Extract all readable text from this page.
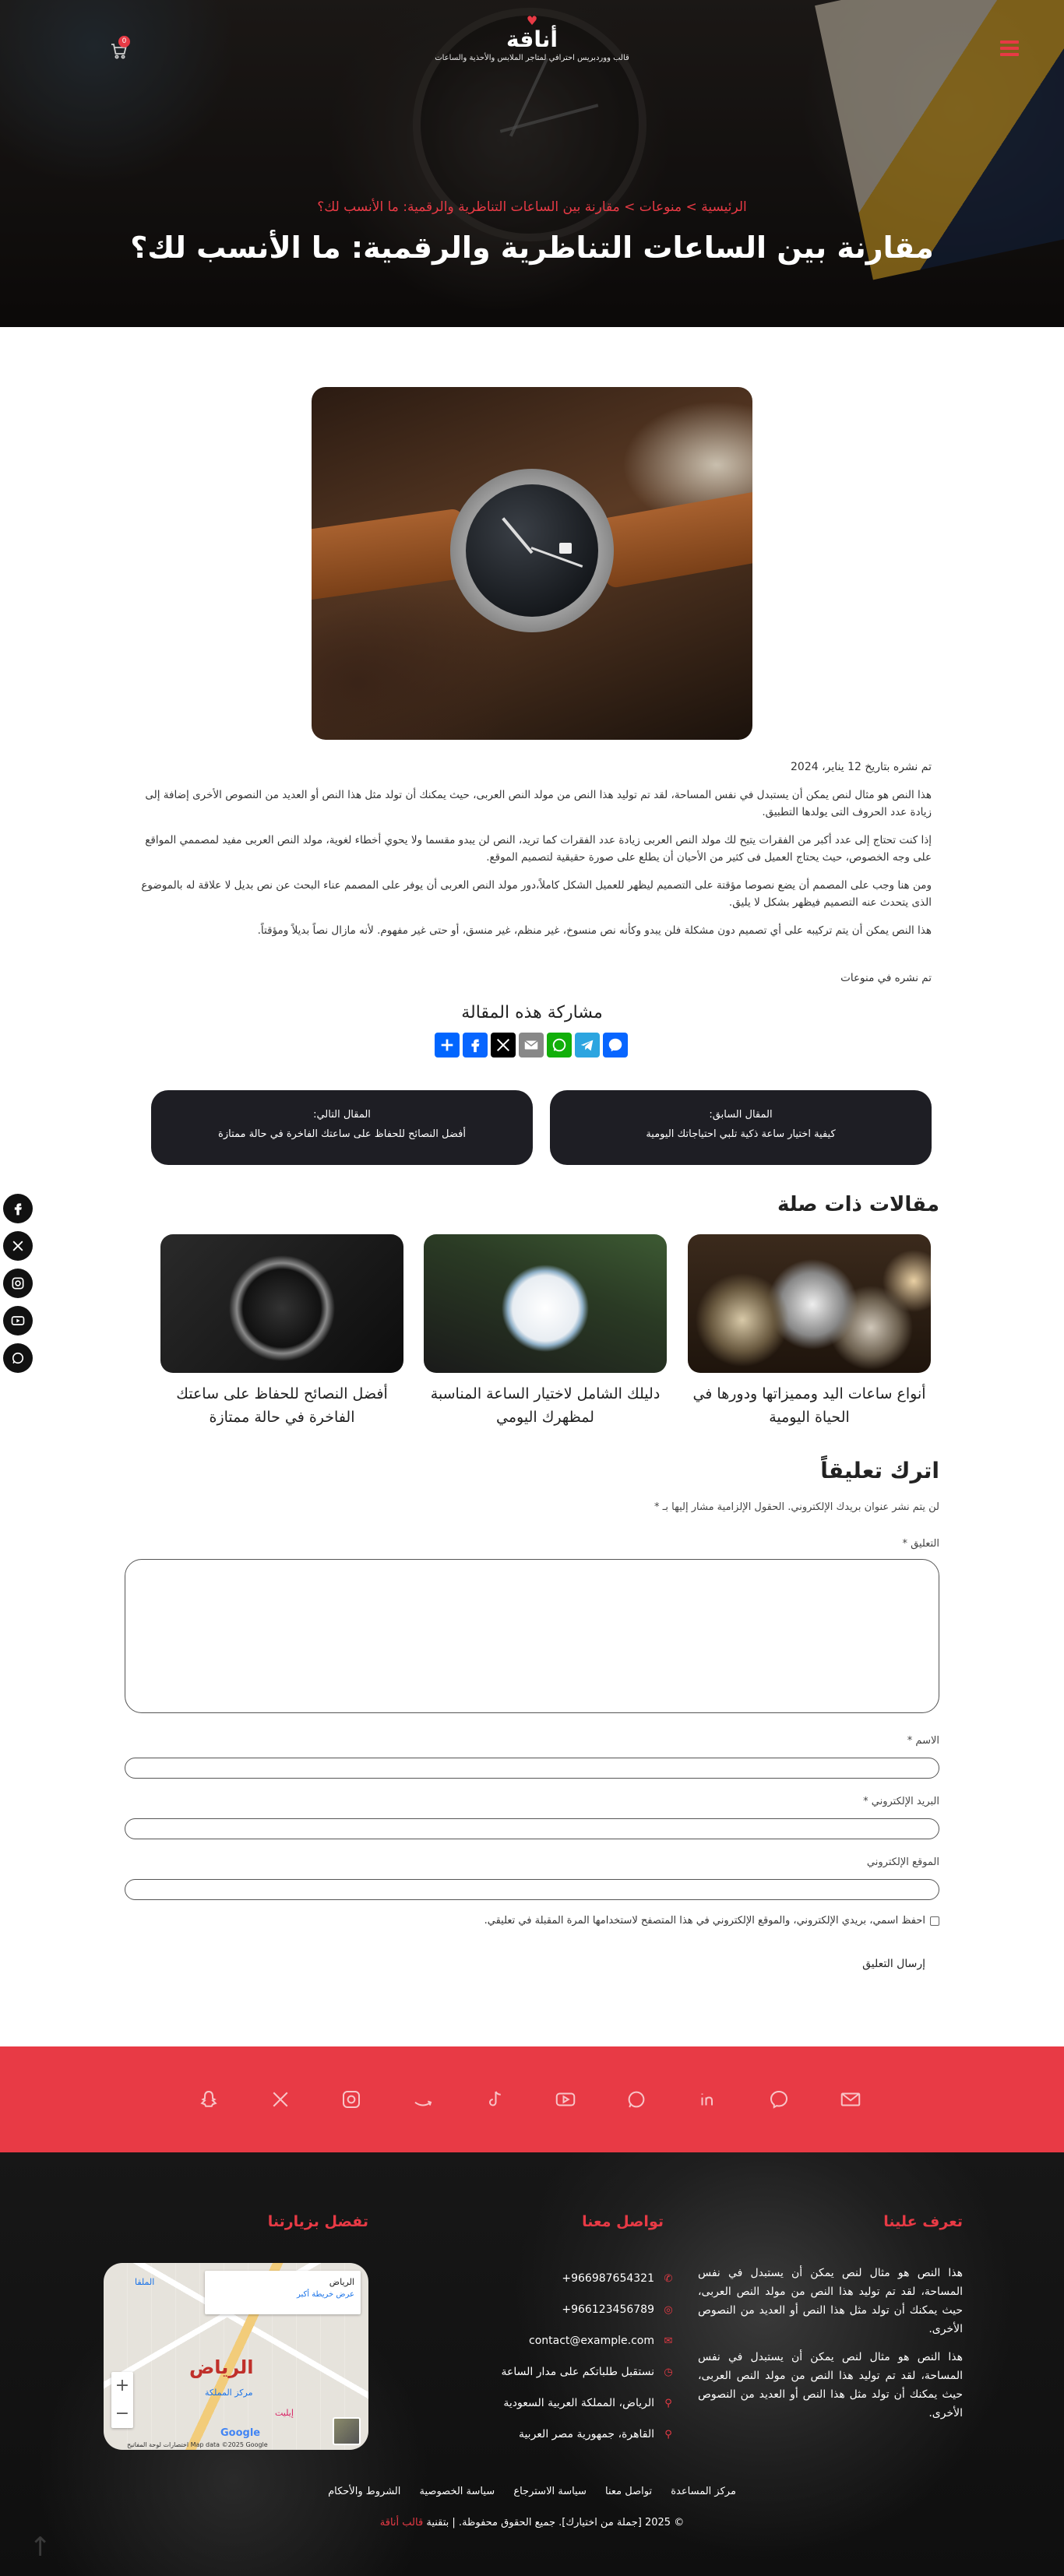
♥
أناقة
قالب ووردبريس احترافي لمتاجر الملابس والأحذية والساعات
0
الرئيسية > منوعات > مقارنة بين الساعات التناظرية والرقمية: ما الأنسب لك؟
مقارنة بين الساعات التناظرية والرقمية: ما الأنسب لك؟
تم نشره بتاريخ 12 يناير، 2024

هذا النص هو مثال لنص يمكن أن يستبدل في نفس المساحة، لقد تم توليد هذا النص من مولد النص العربى، حيث يمكنك أن تولد مثل هذا النص أو العديد من النصوص الأخرى إضافة إلى زيادة عدد الحروف التى يولدها التطبيق.

إذا كنت تحتاج إلى عدد أكبر من الفقرات يتيح لك مولد النص العربى زيادة عدد الفقرات كما تريد، النص لن يبدو مقسما ولا يحوي أخطاء لغوية، مولد النص العربى مفيد لمصممي المواقع على وجه الخصوص، حيث يحتاج العميل فى كثير من الأحيان أن يطلع على صورة حقيقية لتصميم الموقع.

ومن هنا وجب على المصمم أن يضع نصوصا مؤقتة على التصميم ليظهر للعميل الشكل كاملاً،دور مولد النص العربى أن يوفر على المصمم عناء البحث عن نص بديل لا علاقة له بالموضوع الذى يتحدث عنه التصميم فيظهر بشكل لا يليق.

هذا النص يمكن أن يتم تركيبه على أي تصميم دون مشكلة فلن يبدو وكأنه نص منسوخ، غير منظم، غير منسق، أو حتى غير مفهوم. لأنه مازال نصاً بديلاً ومؤقتاً.

تم نشره في منوعات
مشاركة هذه المقالة
المقال السابق:
كيفية اختيار ساعة ذكية تلبي احتياجاتك اليومية
المقال التالي:
أفضل النصائح للحفاظ على ساعتك الفاخرة في حالة ممتازة
مقالات ذات صلة
أنواع ساعات اليد ومميزاتها ودورها في الحياة اليومية
دليلك الشامل لاختيار الساعة المناسبة لمظهرك اليومي
أفضل النصائح للحفاظ على ساعتك الفاخرة في حالة ممتازة
اترك تعليقاً

لن يتم نشر عنوان بريدك الإلكتروني. الحقول الإلزامية مشار إليها بـ *

التعليق *
الاسم *
البريد الإلكتروني *
الموقع الإلكتروني
احفظ اسمي، بريدي الإلكتروني، والموقع الإلكتروني في هذا المتصفح لاستخدامها المرة المقبلة في تعليقي.
إرسال التعليق
تعرف علينا

هذا النص هو مثال لنص يمكن أن يستبدل في نفس المساحة، لقد تم توليد هذا النص من مولد النص العربى، حيث يمكنك أن تولد مثل هذا النص أو العديد من النصوص الأخرى.

هذا النص هو مثال لنص يمكن أن يستبدل في نفس المساحة، لقد تم توليد هذا النص من مولد النص العربى، حيث يمكنك أن تولد مثل هذا النص أو العديد من النصوص الأخرى.

تواصل معنا
✆
+966987654321
◎
+966123456789
✉
contact@example.com
◷
نستقبل طلباتكم على مدار الساعة
⚲
الرياض، المملكة العربية السعودية
⚲
القاهرة، جمهورية مصر العربية
تفضل بزيارتنا
الرياض
عرض خريطة أكبر
الملقا
الرياض
مركز المملكة
إيليت
+
−
Google
Map data ©2025 Google اختصارات لوحة المفاتيح
مركز المساعدة تواصل معنا سياسة الاسترجاع سياسة الخصوصية الشروط والأحكام
© 2025 [جملة من اختيارك]. جميع الحقوق محفوظة. | بتقنية قالب أناقة
↑
